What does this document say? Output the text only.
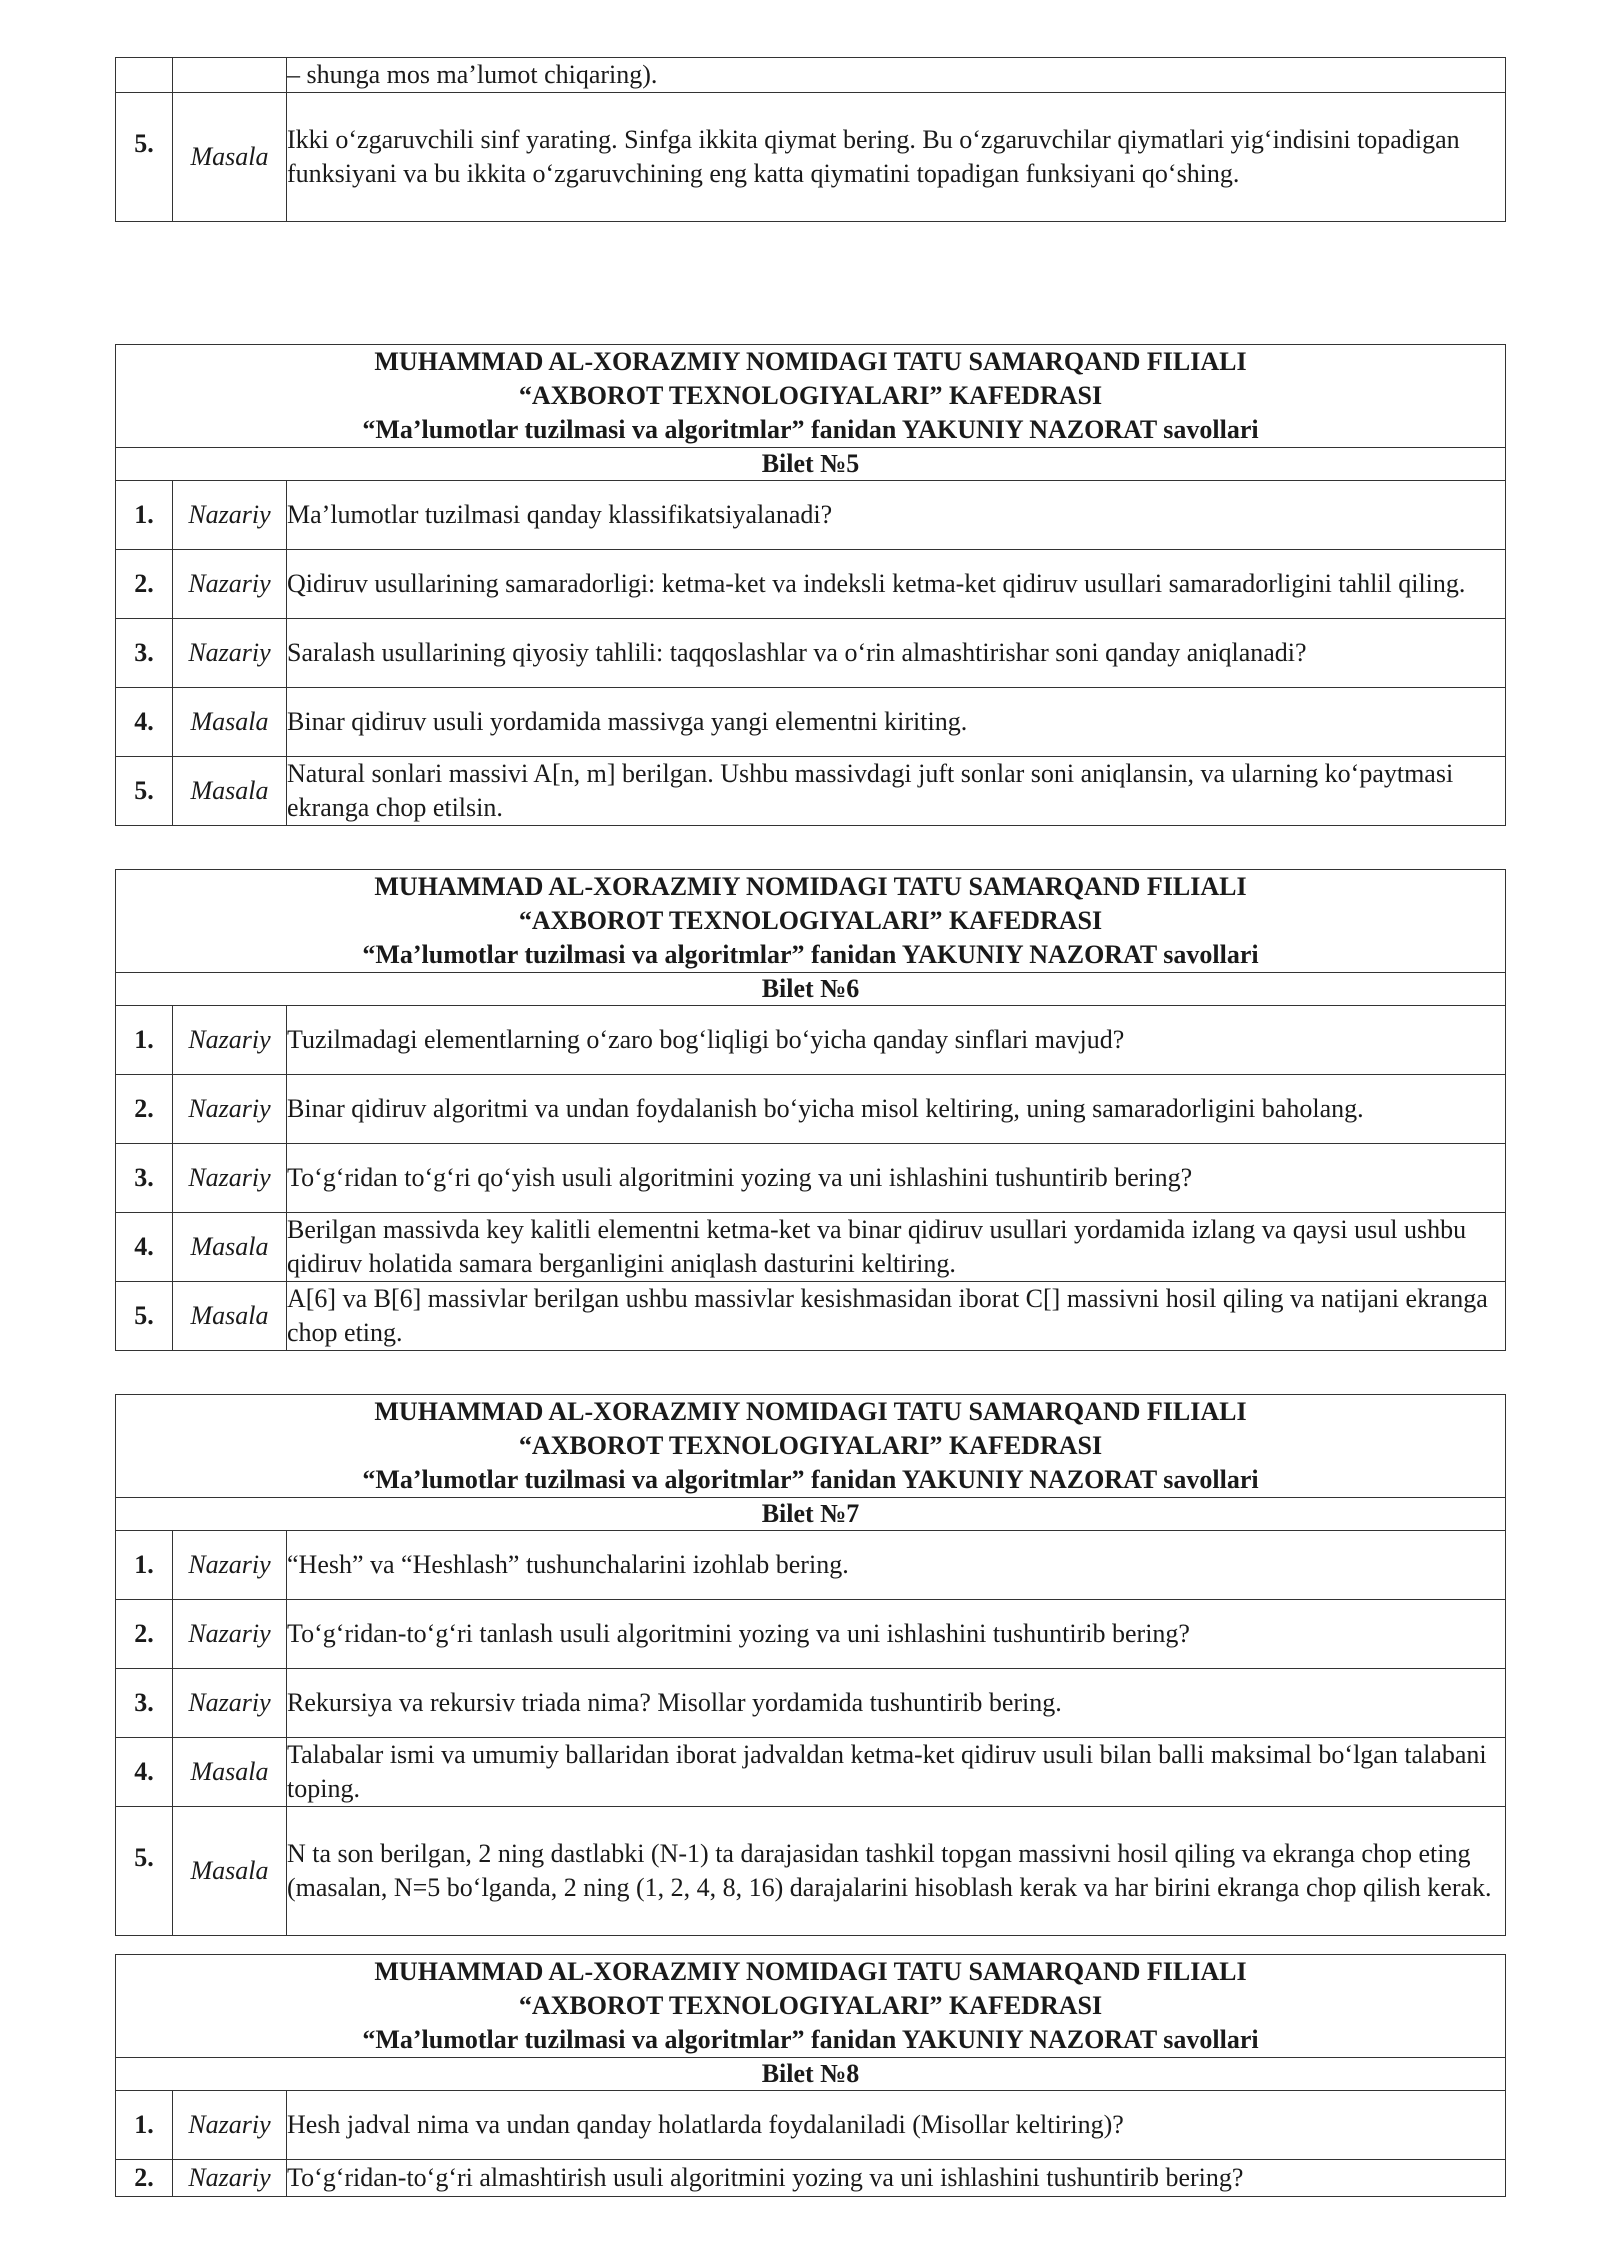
		– shunga mos ma’lumot chiqaring).
5.	Masala	Ikki o‘zgaruvchili sinf yarating. Sinfga ikkita qiymat bering. Bu o‘zgaruvchilar qiymatlari yig‘indisini topadigan funksiyani va bu ikkita o‘zgaruvchining eng katta qiymatini topadigan funksiyani qo‘shing.
MUHAMMAD AL-XORAZMIY NOMIDAGI TATU SAMARQAND FILIALI
“AXBOROT TEXNOLOGIYALARI” KAFEDRASI
“Ma’lumotlar tuzilmasi va algoritmlar” fanidan YAKUNIY NAZORAT savollari		

Bilet №5		
1.	Nazariy	Ma’lumotlar tuzilmasi qanday klassifikatsiyalanadi?
2.	Nazariy	Qidiruv usullarining samaradorligi: ketma-ket va indeksli ketma-ket qidiruv usullari samaradorligini tahlil qiling.
3.	Nazariy	Saralash usullarining qiyosiy tahlili: taqqoslashlar va o‘rin almashtirishar soni qanday aniqlanadi?
4.	Masala	Binar qidiruv usuli yordamida massivga yangi elementni kiriting.
5.	Masala	Natural sonlari massivi A[n, m] berilgan. Ushbu massivdagi juft sonlar soni aniqlansin, va ularning ko‘paytmasi ekranga chop etilsin.
MUHAMMAD AL-XORAZMIY NOMIDAGI TATU SAMARQAND FILIALI
“AXBOROT TEXNOLOGIYALARI” KAFEDRASI
“Ma’lumotlar tuzilmasi va algoritmlar” fanidan YAKUNIY NAZORAT savollari		

Bilet №6		
1.	Nazariy	Tuzilmadagi elementlarning o‘zaro bog‘liqligi bo‘yicha qanday sinflari mavjud?
2.	Nazariy	Binar qidiruv algoritmi va undan foydalanish bo‘yicha misol keltiring, uning samaradorligini baholang.
3.	Nazariy	To‘g‘ridan to‘g‘ri qo‘yish usuli algoritmini yozing va uni ishlashini tushuntirib bering?
4.	Masala	Berilgan massivda key kalitli elementni ketma-ket va binar qidiruv usullari yordamida izlang va qaysi usul ushbu qidiruv holatida samara berganligini aniqlash dasturini keltiring.
5.	Masala	A[6] va B[6] massivlar berilgan ushbu massivlar kesishmasidan iborat C[] massivni hosil qiling va natijani ekranga chop eting.
MUHAMMAD AL-XORAZMIY NOMIDAGI TATU SAMARQAND FILIALI
“AXBOROT TEXNOLOGIYALARI” KAFEDRASI
“Ma’lumotlar tuzilmasi va algoritmlar” fanidan YAKUNIY NAZORAT savollari		

Bilet №7		
1.	Nazariy	“Hesh” va “Heshlash” tushunchalarini izohlab bering.
2.	Nazariy	To‘g‘ridan-to‘g‘ri tanlash usuli algoritmini yozing va uni ishlashini tushuntirib bering?
3.	Nazariy	Rekursiya va rekursiv triada nima? Misollar yordamida tushuntirib bering.
4.	Masala	Talabalar ismi va umumiy ballaridan iborat jadvaldan ketma-ket qidiruv usuli bilan balli maksimal bo‘lgan talabani toping.
5.	Masala	N ta son berilgan, 2 ning dastlabki (N-1) ta darajasidan tashkil topgan massivni hosil qiling va ekranga chop eting (masalan, N=5 bo‘lganda, 2 ning (1, 2, 4, 8, 16) darajalarini hisoblash kerak va har birini ekranga chop qilish kerak.
MUHAMMAD AL-XORAZMIY NOMIDAGI TATU SAMARQAND FILIALI
“AXBOROT TEXNOLOGIYALARI” KAFEDRASI
“Ma’lumotlar tuzilmasi va algoritmlar” fanidan YAKUNIY NAZORAT savollari		

Bilet №8		
1.	Nazariy	Hesh jadval nima va undan qanday holatlarda foydalaniladi (Misollar keltiring)?
2.	Nazariy	To‘g‘ridan-to‘g‘ri almashtirish usuli algoritmini yozing va uni ishlashini tushuntirib bering?
